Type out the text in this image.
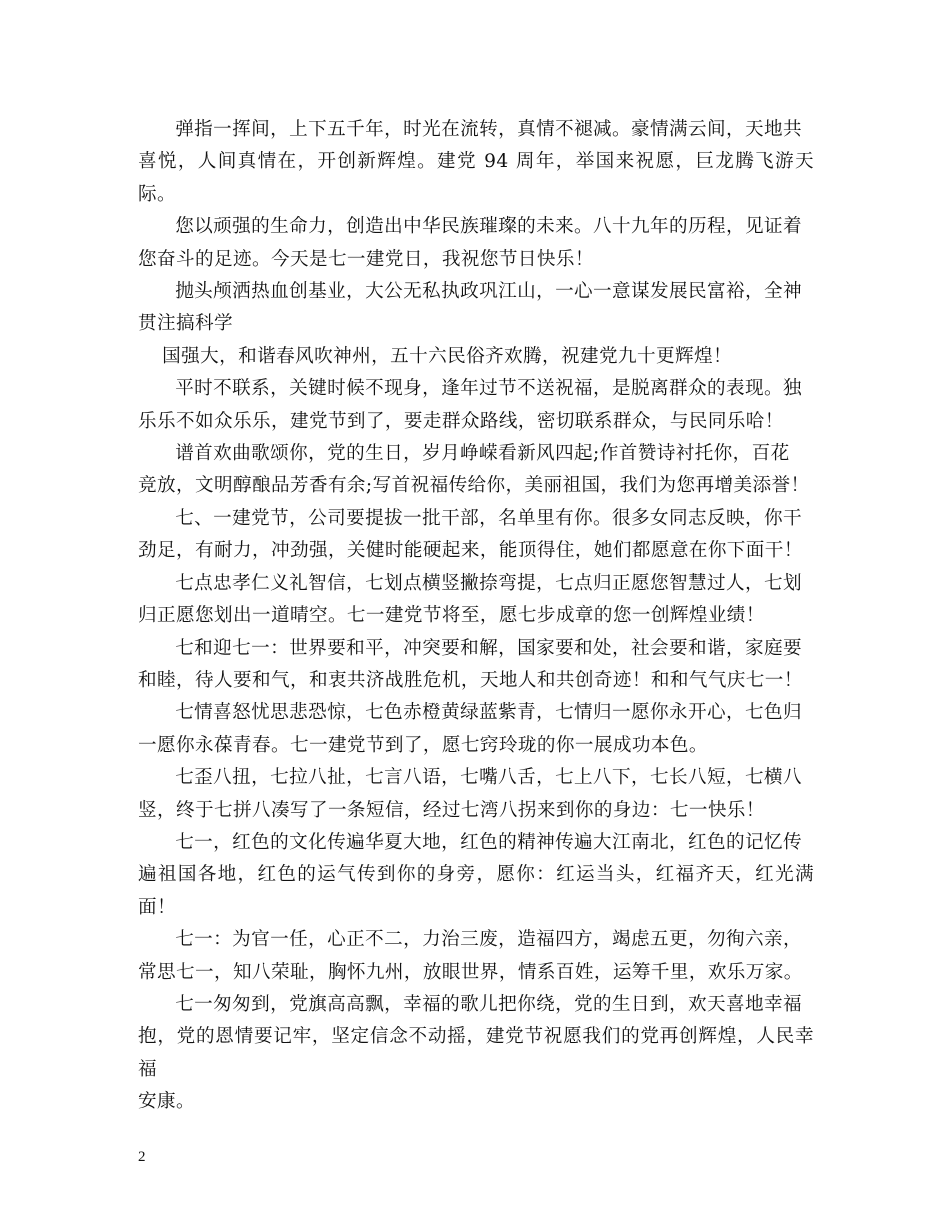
弹指一挥间，上下五千年，时光在流转，真情不褪减。豪情满云间，天地共
喜悦，人间真情在，开创新辉煌。建党 94 周年，举国来祝愿，巨龙腾飞游天际。

您以顽强的生命力，创造出中华民族璀璨的未来。八十九年的历程，见证着
您奋斗的足迹。今天是七一建党日，我祝您节日快乐！

抛头颅洒热血创基业，大公无私执政巩江山，一心一意谋发展民富裕，全神
贯注搞科学

国强大，和谐春风吹神州，五十六民俗齐欢腾，祝建党九十更辉煌！

平时不联系，关键时候不现身，逢年过节不送祝福，是脱离群众的表现。独
乐乐不如众乐乐，建党节到了，要走群众路线，密切联系群众，与民同乐哈！

谱首欢曲歌颂你，党的生日，岁月峥嵘看新风四起;作首赞诗衬托你，百花
竞放，文明醇酿品芳香有余;写首祝福传给你，美丽祖国，我们为您再增美添誉！

七、一建党节，公司要提拔一批干部，名单里有你。很多女同志反映，你干
劲足，有耐力，冲劲强，关健时能硬起来，能顶得住，她们都愿意在你下面干！

七点忠孝仁义礼智信，七划点横竖撇捺弯提，七点归正愿您智慧过人，七划
归正愿您划出一道晴空。七一建党节将至，愿七步成章的您一创辉煌业绩！

七和迎七一：世界要和平，冲突要和解，国家要和处，社会要和谐，家庭要
和睦，待人要和气，和衷共济战胜危机，天地人和共创奇迹！和和气气庆七一！

七情喜怒忧思悲恐惊，七色赤橙黄绿蓝紫青，七情归一愿你永开心，七色归
一愿你永葆青春。七一建党节到了，愿七窍玲珑的你一展成功本色。

七歪八扭，七拉八扯，七言八语，七嘴八舌，七上八下，七长八短，七横八
竖，终于七拼八凑写了一条短信，经过七湾八拐来到你的身边：七一快乐！

七一，红色的文化传遍华夏大地，红色的精神传遍大江南北，红色的记忆传
遍祖国各地，红色的运气传到你的身旁，愿你：红运当头，红福齐天，红光满面！

七一：为官一任，心正不二，力治三废，造福四方，竭虑五更，勿徇六亲，
常思七一，知八荣耻，胸怀九州，放眼世界，情系百姓，运筹千里，欢乐万家。

七一匆匆到，党旗高高飘，幸福的歌儿把你绕，党的生日到，欢天喜地幸福
抱，党的恩情要记牢，坚定信念不动摇，建党节祝愿我们的党再创辉煌，人民幸福
安康。

2
